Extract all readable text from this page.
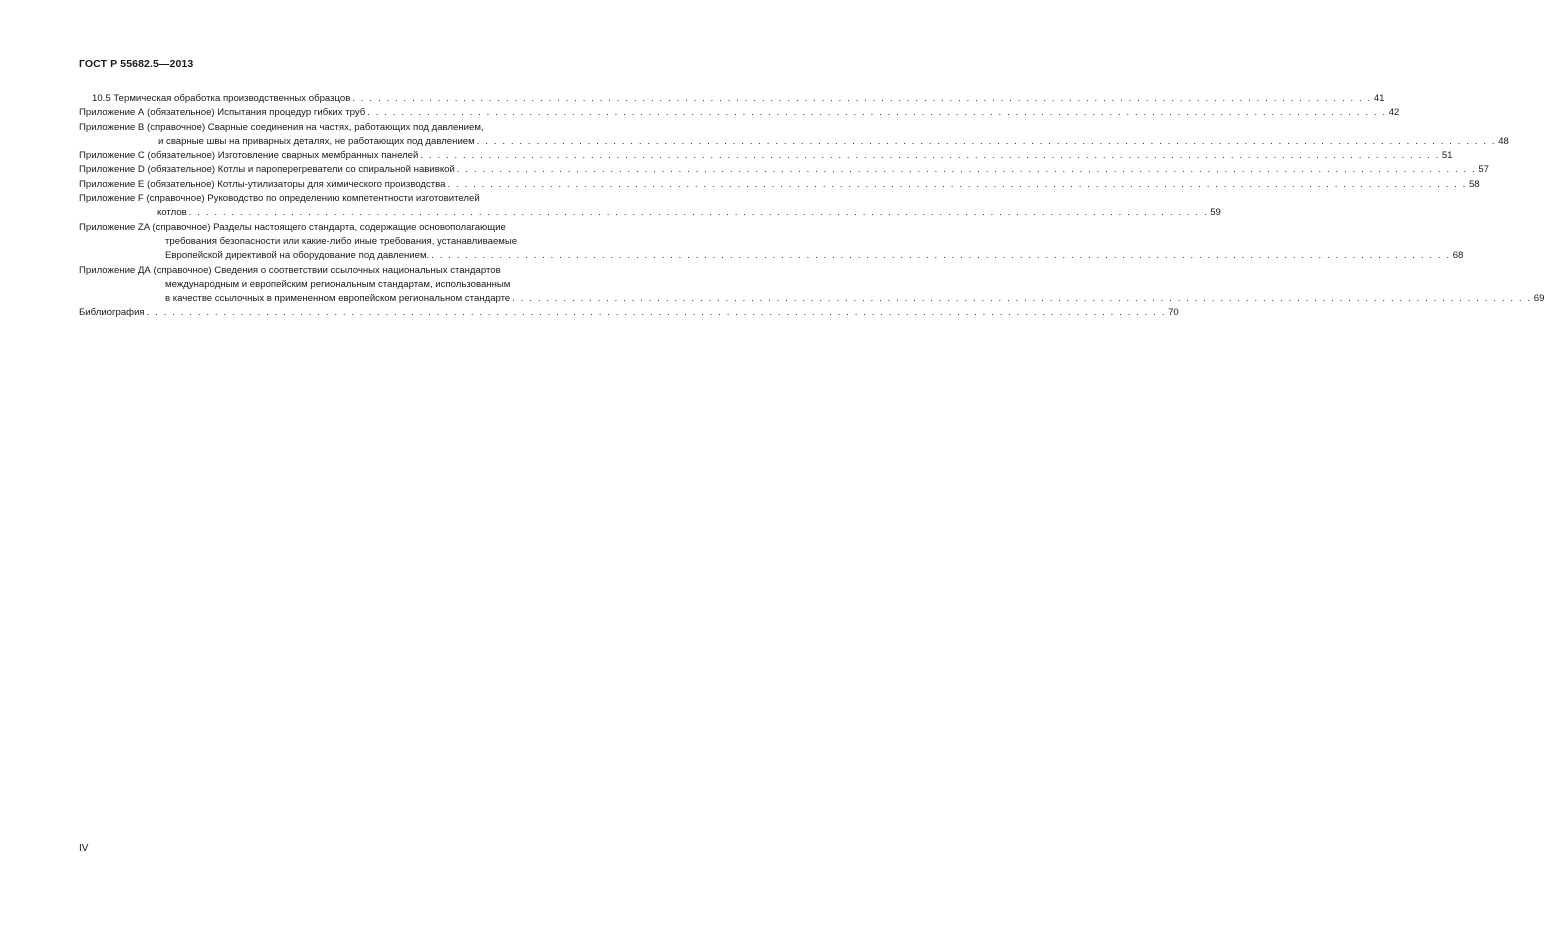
ГОСТ Р 55682.5—2013
10.5 Термическая обработка производственных образцов . . . . . . . . . . . . . . . . . . . . . . . . . . . . . . . . . . . . . . . . . . . . . . . . . . . . . . . . . . . . . . . . . . . . . . . . . . . . . . . . . . . . . . . . . . . . . . . . . . . . . . . . . . . . . . . . . . . . . . . . 41
Приложение А (обязательное) Испытания процедур гибких труб . . . . . . . . . . . . . . . . . . . . . . . . . . . . . . . . . . . . . . . . . . . . . . . . . . . . . . . . . . . . . . . . . . . . . . . . . . . . . . . . . . . . . . . . . . . . . . . . . . . . . . . . . . . . . . . . . . . . . . . . 42
Приложение В (справочное) Сварные соединения на частях, работающих под давлением,
и сварные швы на приварных деталях, не работающих под давлением . . . . . . . . . . . . . . . . . . . . . . . . . . . . . . . . . . . . . . . . . . . . . . . . . . . . . . . . . . . . . . . . . . . . . . . . . . . . . . . . . . . . . . . . . . . . . . . . . . . . . . . . . . . . . . . . . . . . . . . . 48
Приложение С (обязательное) Изготовление сварных мембранных панелей . . . . . . . . . . . . . . . . . . . . . . . . . . . . . . . . . . . . . . . . . . . . . . . . . . . . . . . . . . . . . . . . . . . . . . . . . . . . . . . . . . . . . . . . . . . . . . . . . . . . . . . . . . . . . . . . . . . . . . . . 51
Приложение D (обязательное) Котлы и пароперегреватели со спиральной навивкой . . . . . . . . . . . . . . . . . . . . . . . . . . . . . . . . . . . . . . . . . . . . . . . . . . . . . . . . . . . . . . . . . . . . . . . . . . . . . . . . . . . . . . . . . . . . . . . . . . . . . . . . . . . . . . . . . . . . . . . . 57
Приложение Е (обязательное) Котлы-утилизаторы для химического производства . . . . . . . . . . . . . . . . . . . . . . . . . . . . . . . . . . . . . . . . . . . . . . . . . . . . . . . . . . . . . . . . . . . . . . . . . . . . . . . . . . . . . . . . . . . . . . . . . . . . . . . . . . . . . . . . . . . . . . . . 58
Приложение F (справочное) Руководство по определению компетентности изготовителей
котлов . . . . . . . . . . . . . . . . . . . . . . . . . . . . . . . . . . . . . . . . . . . . . . . . . . . . . . . . . . . . . . . . . . . . . . . . . . . . . . . . . . . . . . . . . . . . . . . . . . . . . . . . . . . . . . . . . . . . . . . . 59
Приложение ZA (справочное) Разделы настоящего стандарта, содержащие основополагающие
требования безопасности или какие-либо иные требования, устанавливаемые
Европейской директивой на оборудование под давлением. . . . . . . . . . . . . . . . . . . . . . . . . . . . . . . . . . . . . . . . . . . . . . . . . . . . . . . . . . . . . . . . . . . . . . . . . . . . . . . . . . . . . . . . . . . . . . . . . . . . . . . . . . . . . . . . . . . . . . . . . 68
Приложение ДА (справочное) Сведения о соответствии ссылочных национальных стандартов
международным и европейским региональным стандартам, использованным
в качестве ссылочных в примененном европейском региональном стандарте . . . . . . . . . . . . . . . . . . . . . . . . . . . . . . . . . . . . . . . . . . . . . . . . . . . . . . . . . . . . . . . . . . . . . . . . . . . . . . . . . . . . . . . . . . . . . . . . . . . . . . . . . . . . . . . . . . . . . . . . 69
Библиография . . . . . . . . . . . . . . . . . . . . . . . . . . . . . . . . . . . . . . . . . . . . . . . . . . . . . . . . . . . . . . . . . . . . . . . . . . . . . . . . . . . . . . . . . . . . . . . . . . . . . . . . . . . . . . . . . . . . . . . . 70
IV
